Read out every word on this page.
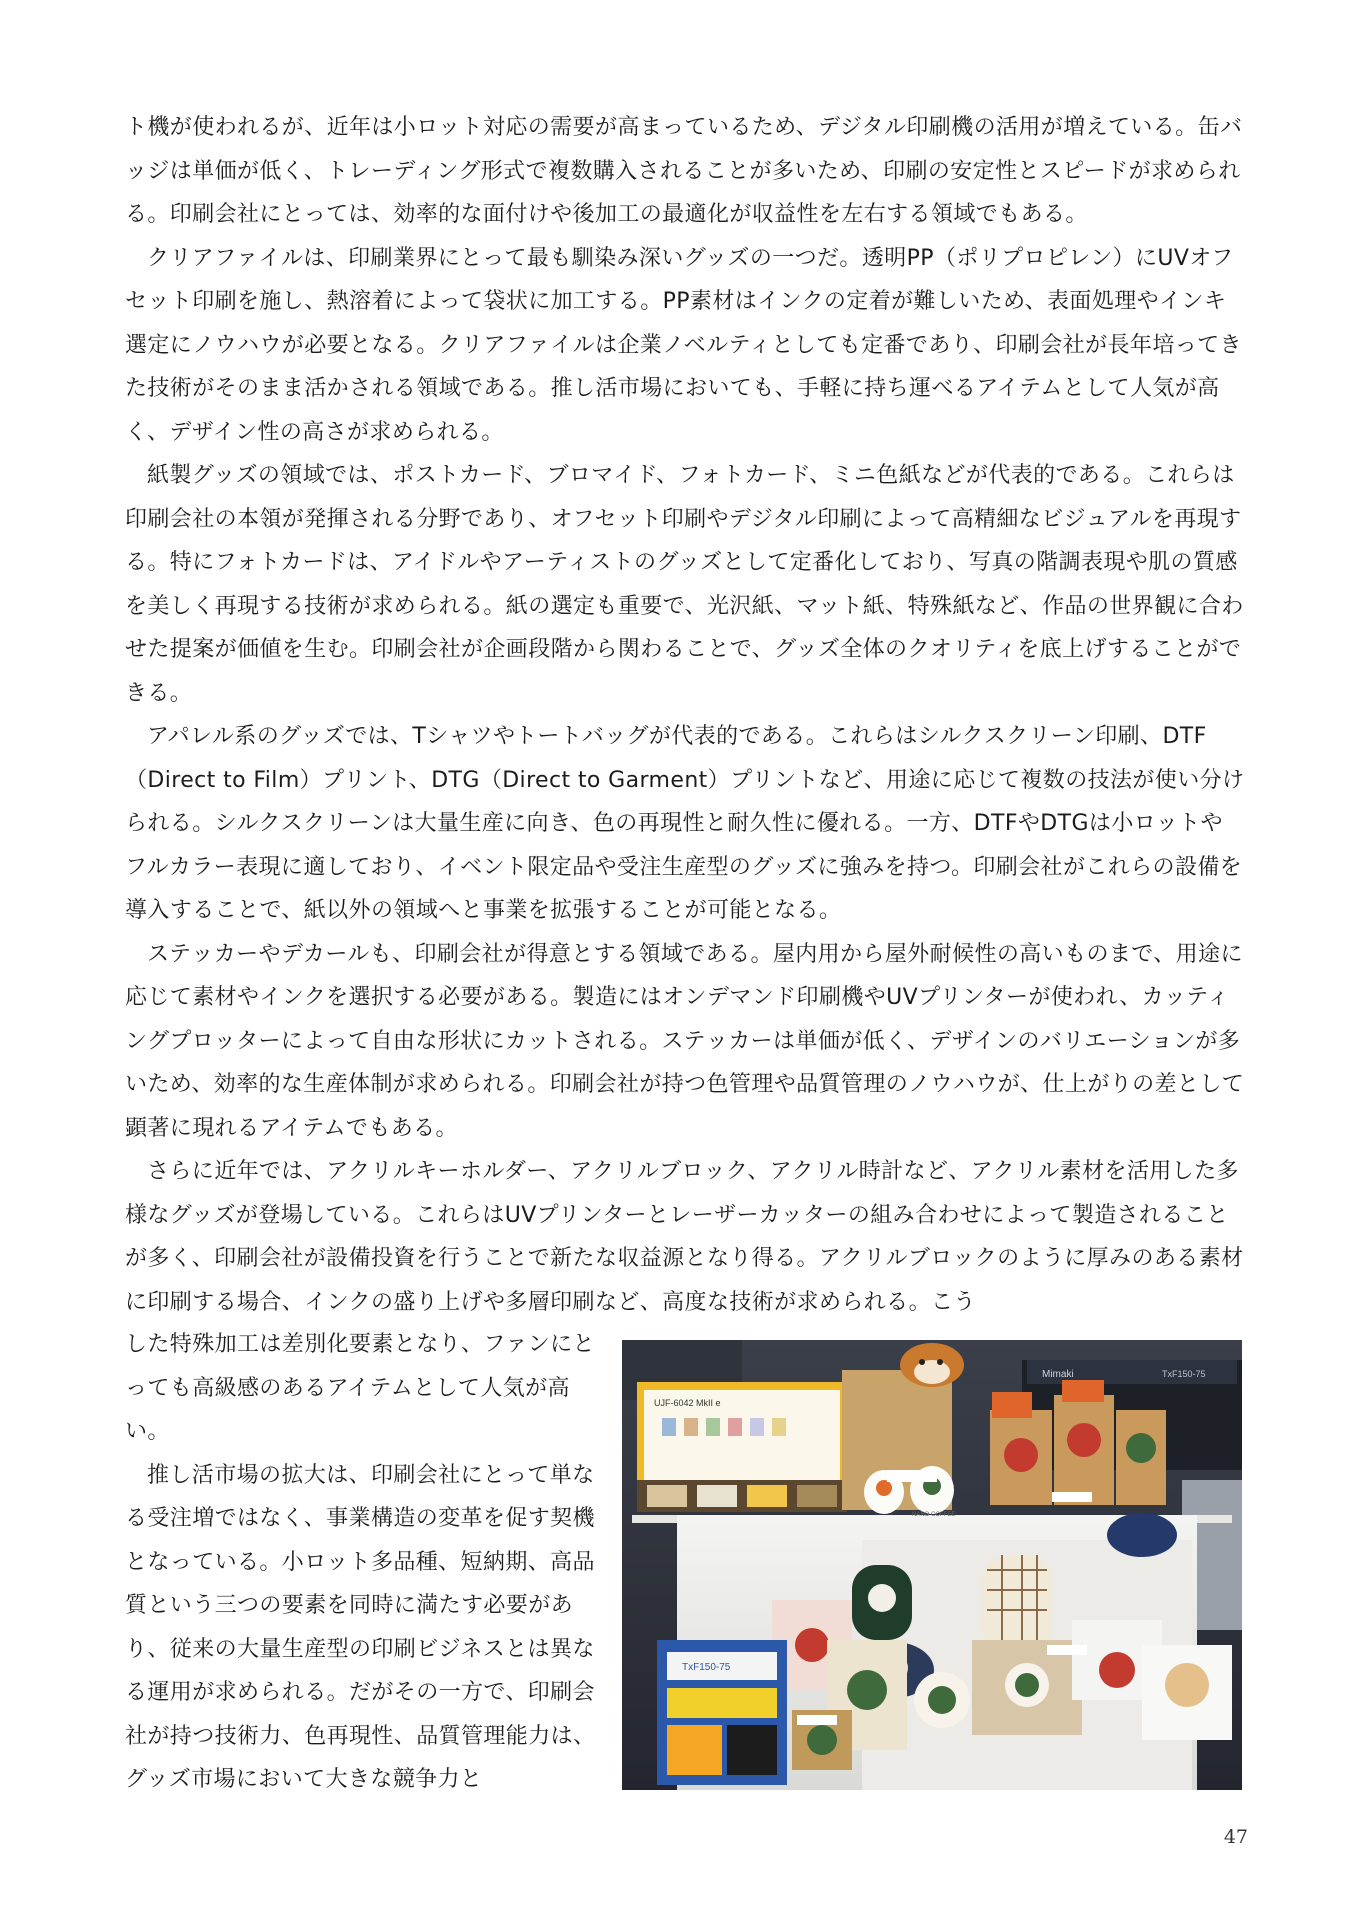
ト機が使われるが、近年は小ロット対応の需要が高まっているため、デジタル印刷機の活用が増えている。缶バッジは単価が低く、トレーディング形式で複数購入されることが多いため、印刷の安定性とスピードが求められる。印刷会社にとっては、効率的な面付けや後加工の最適化が収益性を左右する領域でもある。

クリアファイルは、印刷業界にとって最も馴染み深いグッズの一つだ。透明PP（ポリプロピレン）にUVオフセット印刷を施し、熱溶着によって袋状に加工する。PP素材はインクの定着が難しいため、表面処理やインキ選定にノウハウが必要となる。クリアファイルは企業ノベルティとしても定番であり、印刷会社が長年培ってきた技術がそのまま活かされる領域である。推し活市場においても、手軽に持ち運べるアイテムとして人気が高く、デザイン性の高さが求められる。

紙製グッズの領域では、ポストカード、ブロマイド、フォトカード、ミニ色紙などが代表的である。これらは印刷会社の本領が発揮される分野であり、オフセット印刷やデジタル印刷によって高精細なビジュアルを再現する。特にフォトカードは、アイドルやアーティストのグッズとして定番化しており、写真の階調表現や肌の質感を美しく再現する技術が求められる。紙の選定も重要で、光沢紙、マット紙、特殊紙など、作品の世界観に合わせた提案が価値を生む。印刷会社が企画段階から関わることで、グッズ全体のクオリティを底上げすることができる。

アパレル系のグッズでは、Tシャツやトートバッグが代表的である。これらはシルクスクリーン印刷、DTF（Direct to Film）プリント、DTG（Direct to Garment）プリントなど、用途に応じて複数の技法が使い分けられる。シルクスクリーンは大量生産に向き、色の再現性と耐久性に優れる。一方、DTFやDTGは小ロットやフルカラー表現に適しており、イベント限定品や受注生産型のグッズに強みを持つ。印刷会社がこれらの設備を導入することで、紙以外の領域へと事業を拡張することが可能となる。

ステッカーやデカールも、印刷会社が得意とする領域である。屋内用から屋外耐候性の高いものまで、用途に応じて素材やインクを選択する必要がある。製造にはオンデマンド印刷機やUVプリンターが使われ、カッティングプロッターによって自由な形状にカットされる。ステッカーは単価が低く、デザインのバリエーションが多いため、効率的な生産体制が求められる。印刷会社が持つ色管理や品質管理のノウハウが、仕上がりの差として顕著に現れるアイテムでもある。

さらに近年では、アクリルキーホルダー、アクリルブロック、アクリル時計など、アクリル素材を活用した多様なグッズが登場している。これらはUVプリンターとレーザーカッターの組み合わせによって製造されることが多く、印刷会社が設備投資を行うことで新たな収益源となり得る。アクリルブロックのように厚みのある素材に印刷する場合、インクの盛り上げや多層印刷など、高度な技術が求められる。こう

した特殊加工は差別化要素となり、ファンにとっても高級感のあるアイテムとして人気が高い。

推し活市場の拡大は、印刷会社にとって単なる受注増ではなく、事業構造の変革を促す契機となっている。小ロット多品種、短納期、高品質という三つの要素を同時に満たす必要があり、従来の大量生産型の印刷ビジネスとは異なる運用が求められる。だがその一方で、印刷会社が持つ技術力、色再現性、品質管理能力は、グッズ市場において大きな競争力と

Mimaki	TxF150-75
UJF-6042 MkII e
NANO COFFEE
TxF150-75
47
